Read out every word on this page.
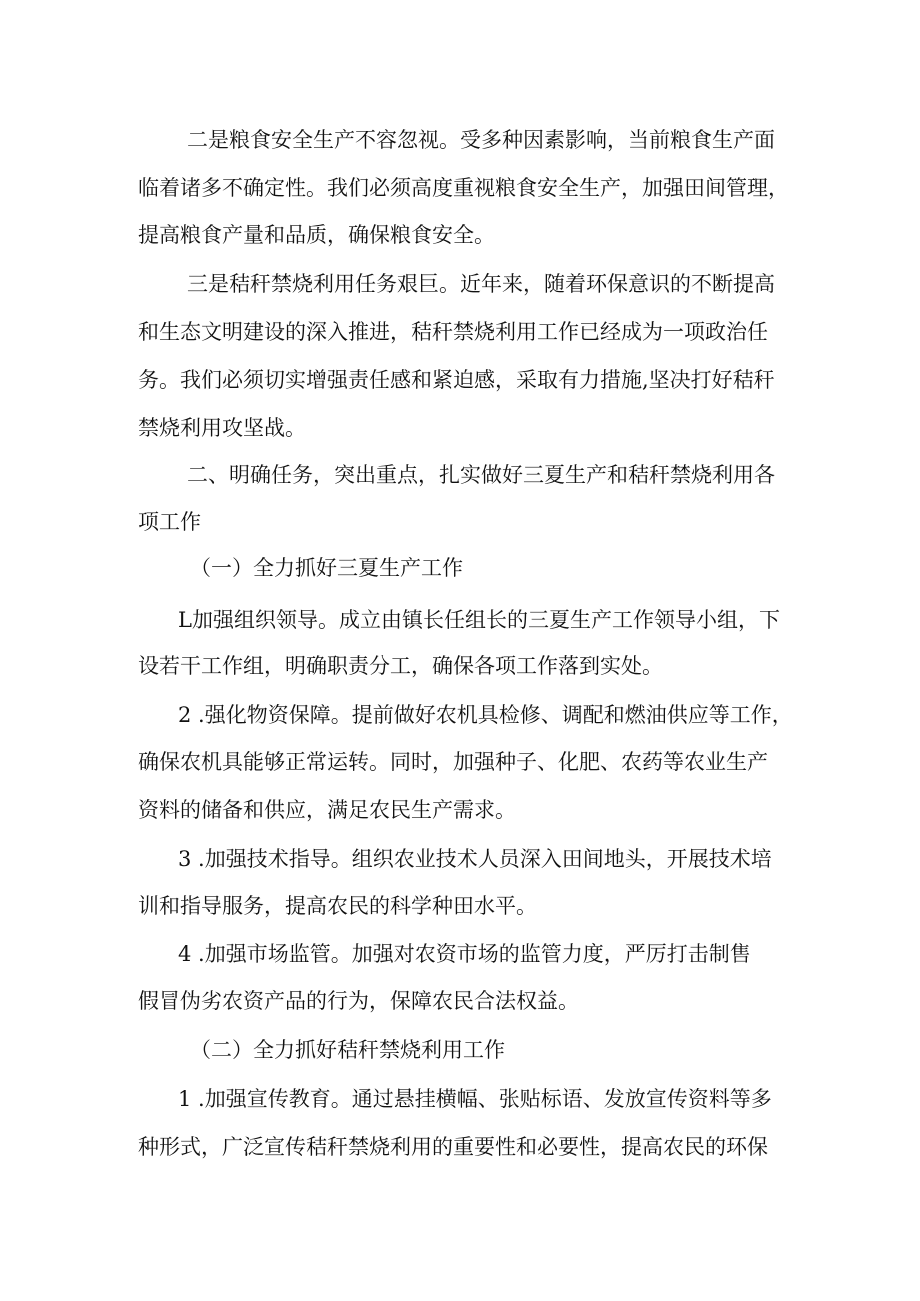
二是粮食安全生产不容忽视。受多种因素影响，当前粮食生产面
临着诸多不确定性。我们必须高度重视粮食安全生产，加强田间管理，
提高粮食产量和品质，确保粮食安全。
三是秸秆禁烧利用任务艰巨。近年来，随着环保意识的不断提高
和生态文明建设的深入推进，秸秆禁烧利用工作已经成为一项政治任
务。我们必须切实增强责任感和紧迫感，采取有力措施,坚决打好秸秆
禁烧利用攻坚战。
二、明确任务，突出重点，扎实做好三夏生产和秸秆禁烧利用各
项工作
（一）全力抓好三夏生产工作
L加强组织领导。成立由镇长任组长的三夏生产工作领导小组，下
设若干工作组，明确职责分工，确保各项工作落到实处。
2 .强化物资保障。提前做好农机具检修、调配和燃油供应等工作，
确保农机具能够正常运转。同时，加强种子、化肥、农药等农业生产
资料的储备和供应，满足农民生产需求。
3 .加强技术指导。组织农业技术人员深入田间地头，开展技术培
训和指导服务，提高农民的科学种田水平。
4 .加强市场监管。加强对农资市场的监管力度，严厉打击制售
假冒伪劣农资产品的行为，保障农民合法权益。
（二）全力抓好秸秆禁烧利用工作
1 .加强宣传教育。通过悬挂横幅、张贴标语、发放宣传资料等多
种形式，广泛宣传秸秆禁烧利用的重要性和必要性，提高农民的环保
